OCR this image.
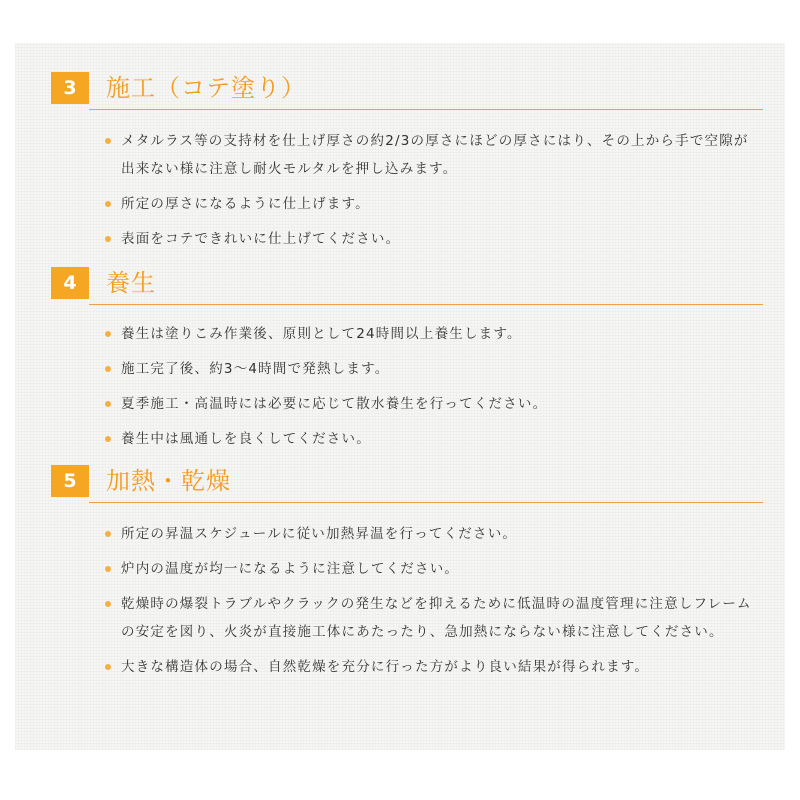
3	施工（コテ塗り）
メタルラス等の支持材を仕上げ厚さの約2/3の厚さにほどの厚さにはり、その上から手で空隙が出来ない様に注意し耐火モルタルを押し込みます。
所定の厚さになるように仕上げます。
表面をコテできれいに仕上げてください。
4	養生
養生は塗りこみ作業後、原則として24時間以上養生します。
施工完了後、約3〜4時間で発熱します。
夏季施工・高温時には必要に応じて散水養生を行ってください。
養生中は風通しを良くしてください。
5	加熱・乾燥
所定の昇温スケジュールに従い加熱昇温を行ってください。
炉内の温度が均一になるように注意してください。
乾燥時の爆裂トラブルやクラックの発生などを抑えるために低温時の温度管理に注意しフレームの安定を図り、火炎が直接施工体にあたったり、急加熱にならない様に注意してください。
大きな構造体の場合、自然乾燥を充分に行った方がより良い結果が得られます。
